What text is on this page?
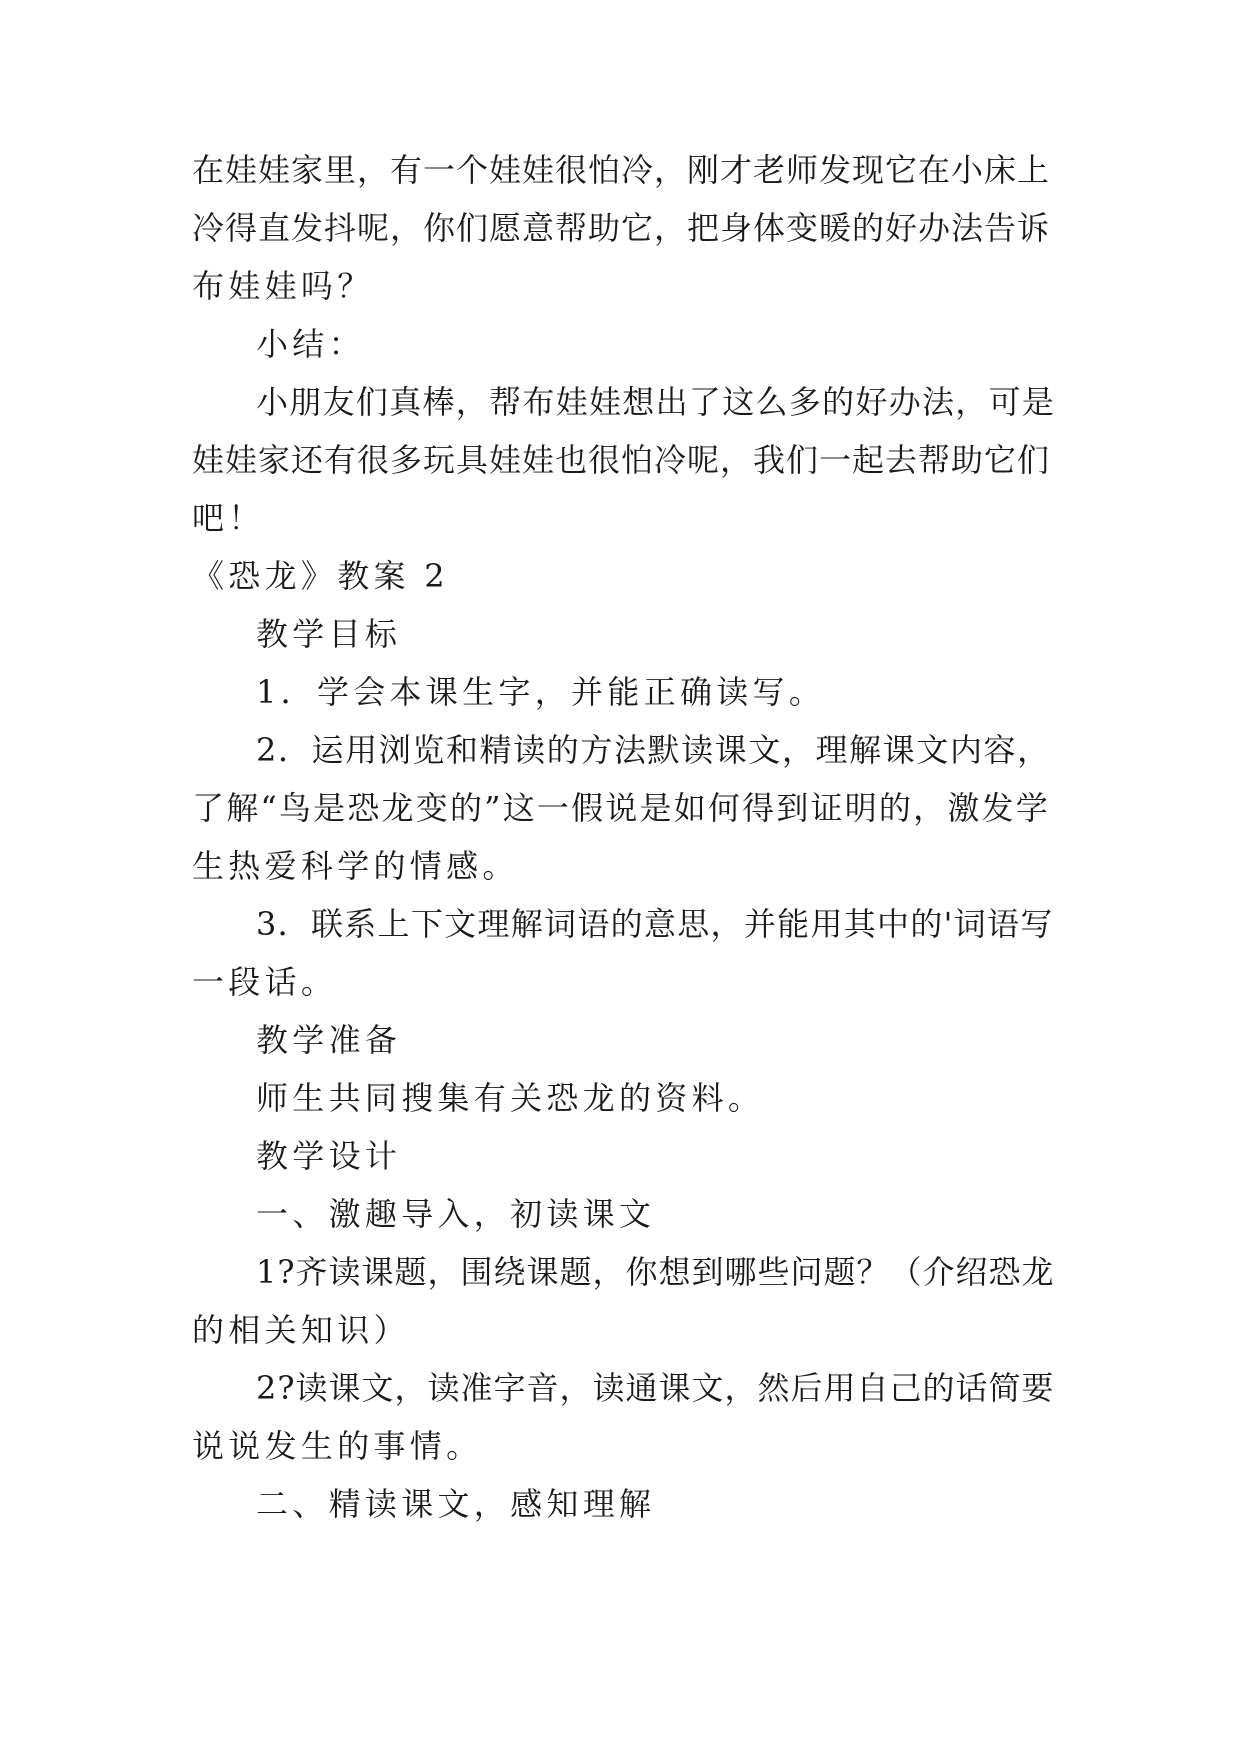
在娃娃家里，有一个娃娃很怕冷，刚才老师发现它在小床上
冷得直发抖呢，你们愿意帮助它，把身体变暖的好办法告诉
布娃娃吗？
小结：
小朋友们真棒，帮布娃娃想出了这么多的好办法，可是
娃娃家还有很多玩具娃娃也很怕冷呢，我们一起去帮助它们
吧！
《恐龙》教案 2
教学目标
1．学会本课生字，并能正确读写。
2．运用浏览和精读的方法默读课文，理解课文内容，
了解“鸟是恐龙变的”这一假说是如何得到证明的，激发学
生热爱科学的情感。
3．联系上下文理解词语的意思，并能用其中的'词语写
一段话。
教学准备
师生共同搜集有关恐龙的资料。
教学设计
一、激趣导入，初读课文
1?齐读课题，围绕课题，你想到哪些问题？（介绍恐龙
的相关知识）
2?读课文，读准字音，读通课文，然后用自己的话简要
说说发生的事情。
二、精读课文，感知理解
